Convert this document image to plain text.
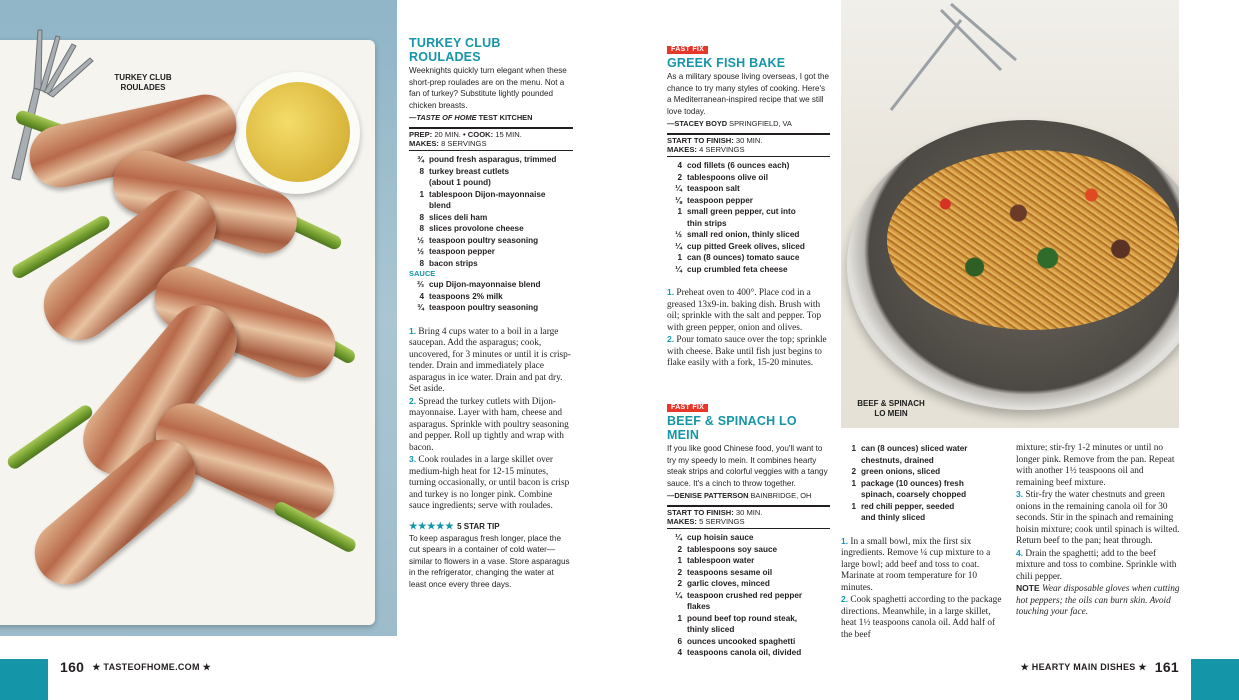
TURKEY CLUB ROULADES
BEEF & SPINACH LO MEIN
TURKEY CLUB ROULADES
Weeknights quickly turn elegant when these short-prep roulades are on the menu. Not a fan of turkey? Substitute lightly pounded chicken breasts.
—TASTE OF HOME TEST KITCHEN
PREP: 20 MIN. • COOK: 15 MIN.
MAKES: 8 SERVINGS
¾ pound fresh asparagus, trimmed
8 turkey breast cutlets
(about 1 pound)
1 tablespoon Dijon-mayonnaise
blend
8 slices deli ham
8 slices provolone cheese
½ teaspoon poultry seasoning
½ teaspoon pepper
8 bacon strips
SAUCE
⅔ cup Dijon-mayonnaise blend
4 teaspoons 2% milk
¾ teaspoon poultry seasoning
1. Bring 4 cups water to a boil in a large saucepan. Add the asparagus; cook, uncovered, for 3 minutes or until it is crisp-tender. Drain and immediately place asparagus in ice water. Drain and pat dry. Set aside.
2. Spread the turkey cutlets with Dijon-mayonnaise. Layer with ham, cheese and asparagus. Sprinkle with poultry seasoning and pepper. Roll up tightly and wrap with bacon.
3. Cook roulades in a large skillet over medium-high heat for 12-15 minutes, turning occasionally, or until bacon is crisp and turkey is no longer pink. Combine sauce ingredients; serve with roulades.
★★★★★ 5 STAR TIP
To keep asparagus fresh longer, place the cut spears in a container of cold water—similar to flowers in a vase. Store asparagus in the refrigerator, changing the water at least once every three days.
FAST FIX
GREEK FISH BAKE
As a military spouse living overseas, I got the chance to try many styles of cooking. Here's a Mediterranean-inspired recipe that we still love today.
—STACEY BOYD SPRINGFIELD, VA
START TO FINISH: 30 MIN.
MAKES: 4 SERVINGS
4 cod fillets (6 ounces each)
2 tablespoons olive oil
¼ teaspoon salt
⅛ teaspoon pepper
1 small green pepper, cut into
thin strips
½ small red onion, thinly sliced
¼ cup pitted Greek olives, sliced
1 can (8 ounces) tomato sauce
¼ cup crumbled feta cheese
1. Preheat oven to 400°. Place cod in a greased 13x9-in. baking dish. Brush with oil; sprinkle with the salt and pepper. Top with green pepper, onion and olives.
2. Pour tomato sauce over the top; sprinkle with cheese. Bake until fish just begins to flake easily with a fork, 15-20 minutes.
FAST FIX
BEEF & SPINACH LO MEIN
If you like good Chinese food, you'll want to try my speedy lo mein. It combines hearty steak strips and colorful veggies with a tangy sauce. It's a cinch to throw together.
—DENISE PATTERSON BAINBRIDGE, OH
START TO FINISH: 30 MIN.
MAKES: 5 SERVINGS
¼ cup hoisin sauce
2 tablespoons soy sauce
1 tablespoon water
2 teaspoons sesame oil
2 garlic cloves, minced
¼ teaspoon crushed red pepper
flakes
1 pound beef top round steak,
thinly sliced
6 ounces uncooked spaghetti
4 teaspoons canola oil, divided
1 can (8 ounces) sliced water
chestnuts, drained
2 green onions, sliced
1 package (10 ounces) fresh
spinach, coarsely chopped
1 red chili pepper, seeded
and thinly sliced
1. In a small bowl, mix the first six ingredients. Remove ¼ cup mixture to a large bowl; add beef and toss to coat. Marinate at room temperature for 10 minutes.
2. Cook spaghetti according to the package directions. Meanwhile, in a large skillet, heat 1½ teaspoons canola oil. Add half of the beef
mixture; stir-fry 1-2 minutes or until no longer pink. Remove from the pan. Repeat with another 1½ teaspoons oil and remaining beef mixture.
3. Stir-fry the water chestnuts and green onions in the remaining canola oil for 30 seconds. Stir in the spinach and remaining hoisin mixture; cook until spinach is wilted. Return beef to the pan; heat through.
4. Drain the spaghetti; add to the beef mixture and toss to combine. Sprinkle with chili pepper.
NOTE Wear disposable gloves when cutting hot peppers; the oils can burn skin. Avoid touching your face.
160 ★ TASTEOFHOME.COM ★	★ HEARTY MAIN DISHES ★ 161
